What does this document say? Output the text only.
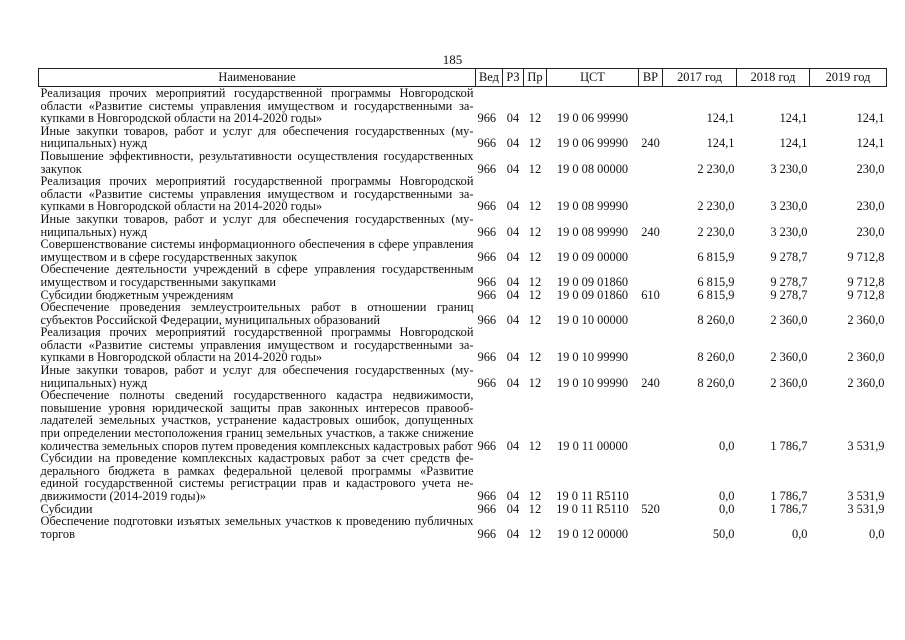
185
Наименование	Вед	РЗ	Пр	ЦСТ	ВР	2017 год	2018 год	2019 год
Реализация прочих мероприятий государственной программы Новгородской области «Развитие системы управления имуществом и государственными закупками в Новгородской области на 2014-2020 годы»	966	04	12	19 0 06 99990		124,1	124,1	124,1
Иные закупки товаров, работ и услуг для обеспечения государственных (муниципальных) нужд	966	04	12	19 0 06 99990	240	124,1	124,1	124,1
Повышение эффективности, результативности осуществления государственных закупок	966	04	12	19 0 08 00000		2 230,0	3 230,0	230,0
Реализация прочих мероприятий государственной программы Новгородской области «Развитие системы управления имуществом и государственными закупками в Новгородской области на 2014-2020 годы»	966	04	12	19 0 08 99990		2 230,0	3 230,0	230,0
Иные закупки товаров, работ и услуг для обеспечения государственных (муниципальных) нужд	966	04	12	19 0 08 99990	240	2 230,0	3 230,0	230,0
Совершенствование системы информационного обеспечения в сфере управления имуществом и в сфере государственных закупок	966	04	12	19 0 09 00000		6 815,9	9 278,7	9 712,8
Обеспечение деятельности учреждений в сфере управления государственным имуществом и государственными закупками	966	04	12	19 0 09 01860		6 815,9	9 278,7	9 712,8
Субсидии бюджетным учреждениям	966	04	12	19 0 09 01860	610	6 815,9	9 278,7	9 712,8
Обеспечение проведения землеустроительных работ в отношении границ субъектов Российской Федерации, муниципальных образований	966	04	12	19 0 10 00000		8 260,0	2 360,0	2 360,0
Реализация прочих мероприятий государственной программы Новгородской области «Развитие системы управления имуществом и государственными закупками в Новгородской области на 2014-2020 годы»	966	04	12	19 0 10 99990		8 260,0	2 360,0	2 360,0
Иные закупки товаров, работ и услуг для обеспечения государственных (муниципальных) нужд	966	04	12	19 0 10 99990	240	8 260,0	2 360,0	2 360,0
Обеспечение полноты сведений государственного кадастра недвижимости, повышение уровня юридической защиты прав законных интересов правообладателей земельных участков, устранение кадастровых ошибок, допущенных при определении местоположения границ земельных участков, а также снижение количества земельных споров путем проведения комплексных кадастровых работ	966	04	12	19 0 11 00000		0,0	1 786,7	3 531,9
Субсидии на проведение комплексных кадастровых работ за счет средств федерального бюджета в рамках федеральной целевой программы «Развитие единой государственной системы регистрации прав и кадастрового учета недвижимости (2014-2019 годы)»	966	04	12	19 0 11 R5110		0,0	1 786,7	3 531,9
Субсидии	966	04	12	19 0 11 R5110	520	0,0	1 786,7	3 531,9
Обеспечение подготовки изъятых земельных участков к проведению публичных торгов	966	04	12	19 0 12 00000		50,0	0,0	0,0
